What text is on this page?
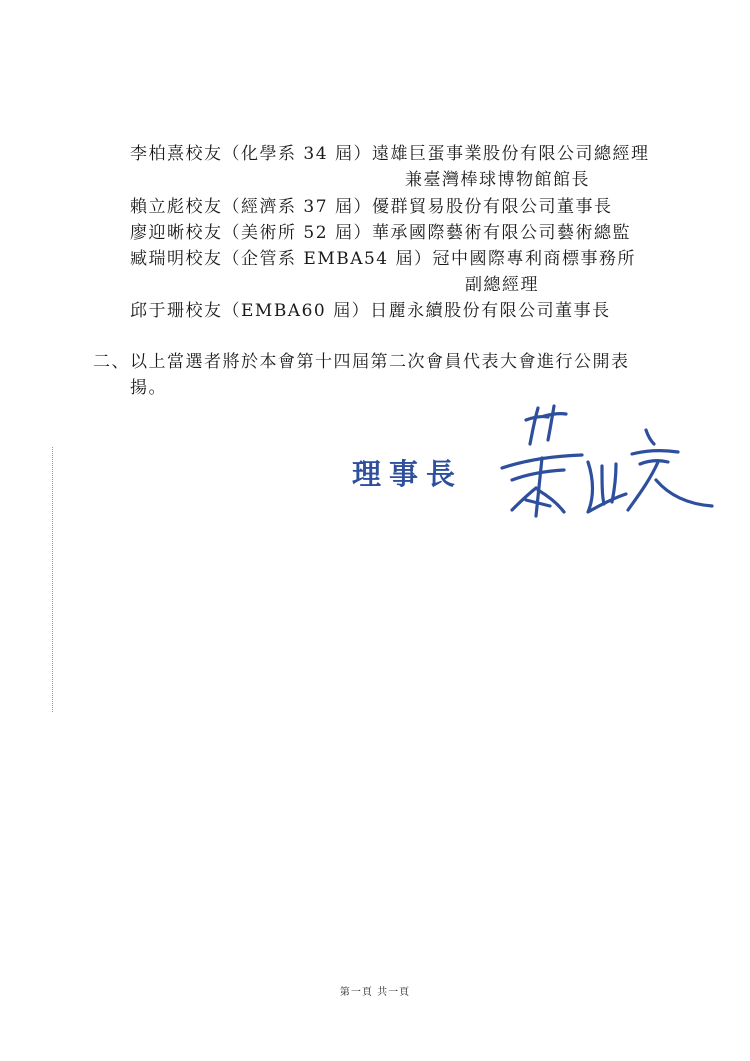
李柏熹校友（化學系 34 屆）遠雄巨蛋事業股份有限公司總經理
兼臺灣棒球博物館館長
賴立彪校友（經濟系 37 屆）優群貿易股份有限公司董事長
廖迎晰校友（美術所 52 屆）華承國際藝術有限公司藝術總監
臧瑞明校友（企管系 EMBA54 屆）冠中國際專利商標事務所
副總經理
邱于珊校友（EMBA60 屆）日麗永續股份有限公司董事長
二、以上當選者將於本會第十四屆第二次會員代表大會進行公開表
揚。
理事長
第一頁 共一頁
